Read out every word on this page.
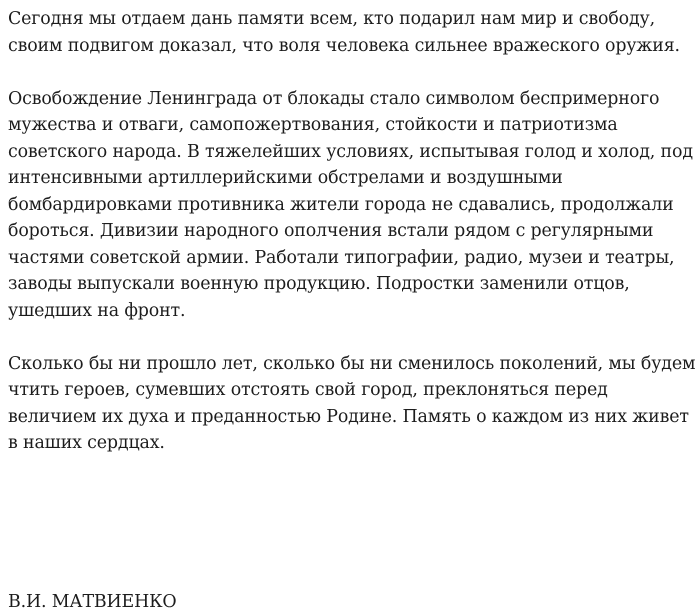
Сегодня мы отдаем дань памяти всем, кто подарил нам мир и свободу, своим подвигом доказал, что воля человека сильнее вражеского оружия.

Освобождение Ленинграда от блокады стало символом беспримерного мужества и отваги, самопожертвования, стойкости и патриотизма советского народа. В тяжелейших условиях, испытывая голод и холод, под интенсивными артиллерийскими обстрелами и воздушными бомбардировками противника жители города не сдавались, продолжали бороться. Дивизии народного ополчения встали рядом с регулярными частями советской армии. Работали типографии, радио, музеи и театры, заводы выпускали военную продукцию. Подростки заменили отцов, ушедших на фронт.

Сколько бы ни прошло лет, сколько бы ни сменилось поколений, мы будем чтить героев, сумевших отстоять свой город, преклоняться перед величием их духа и преданностью Родине. Память о каждом из них живет в наших сердцах.

В.И. МАТВИЕНКО
